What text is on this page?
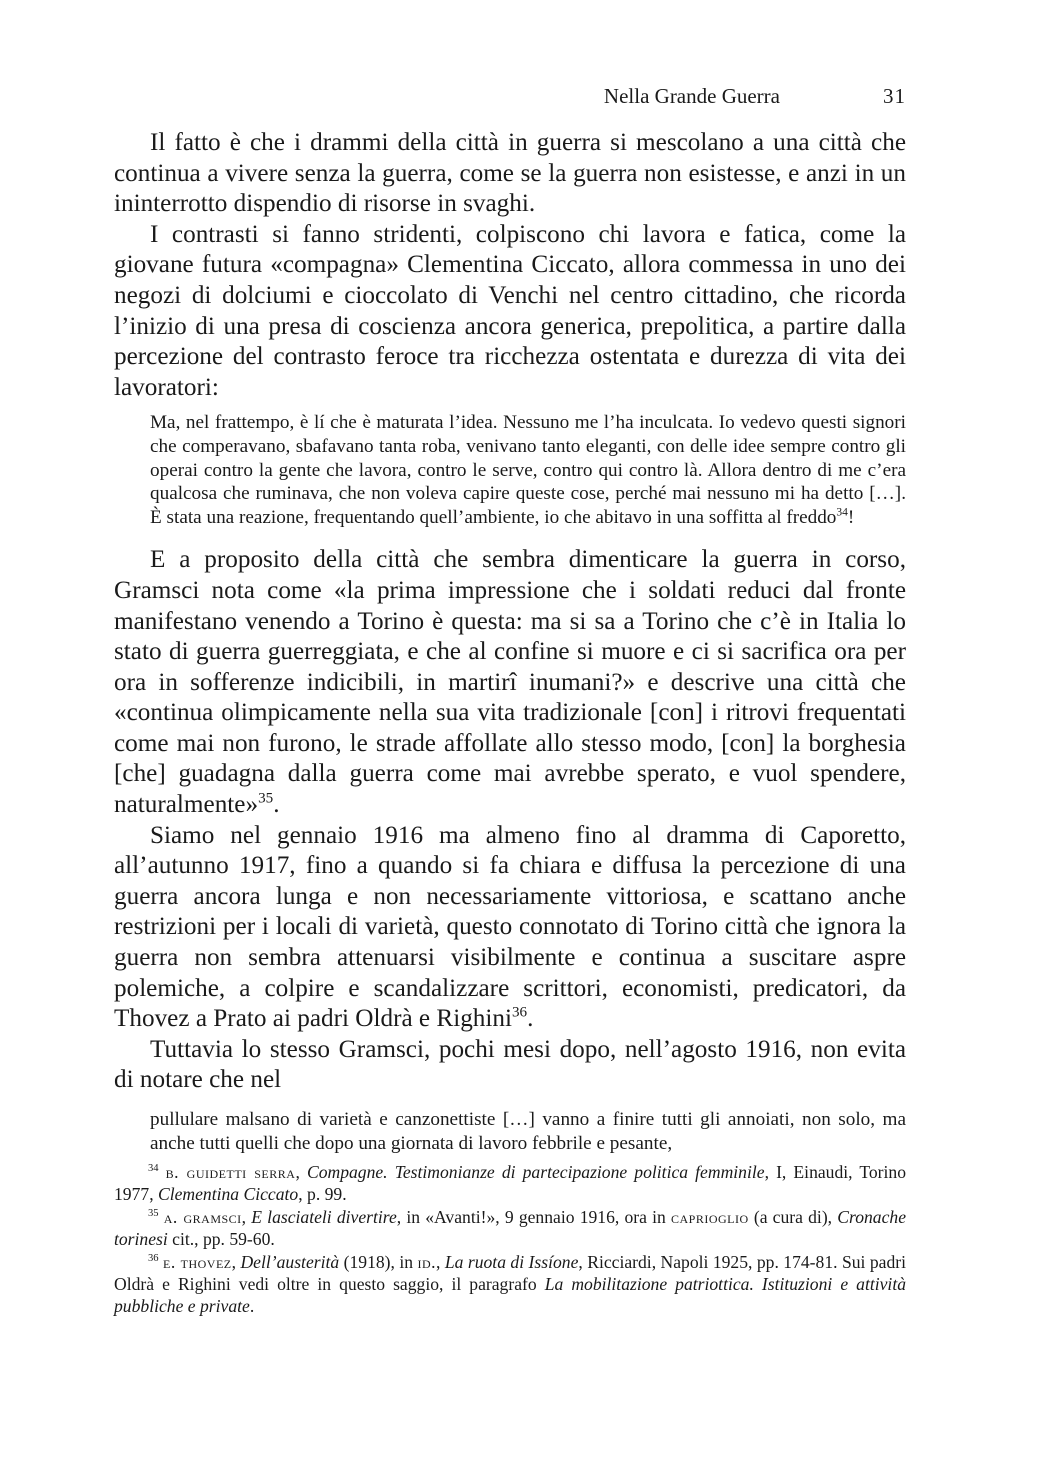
Nella Grande Guerra	31

Il fatto è che i drammi della città in guerra si mescolano a una città che continua a vivere senza la guerra, come se la guerra non esistesse, e anzi in un ininterrotto dispendio di risorse in svaghi.

I contrasti si fanno stridenti, colpiscono chi lavora e fatica, come la giovane futura «compagna» Clementina Ciccato, allora commessa in uno dei negozi di dolciumi e cioccolato di Venchi nel centro cittadino, che ricorda l’inizio di una presa di coscienza ancora generica, prepolitica, a partire dalla percezione del contrasto feroce tra ricchezza ostentata e durezza di vita dei lavoratori:

Ma, nel frattempo, è lí che è maturata l’idea. Nessuno me l’ha inculcata. Io vedevo questi signori che comperavano, sbafavano tanta roba, venivano tanto eleganti, con delle idee sempre contro gli operai contro la gente che lavora, contro le serve, contro qui contro là. Allora dentro di me c’era qualcosa che ruminava, che non voleva capire queste cose, perché mai nessuno mi ha detto […]. È stata una reazione, frequentando quell’ambiente, io che abitavo in una soffitta al freddo$^{34}$!

E a proposito della città che sembra dimenticare la guerra in corso, Gramsci nota come «la prima impressione che i soldati reduci dal fronte manifestano venendo a Torino è questa: ma si sa a Torino che c’è in Italia lo stato di guerra guerreggiata, e che al confine si muore e ci si sacrifica ora per ora in sofferenze indicibili, in martirî inumani?» e descrive una città che «continua olimpicamente nella sua vita tradizionale [con] i ritrovi frequentati come mai non furono, le strade affollate allo stesso modo, [con] la borghesia [che] guadagna dalla guerra come mai avrebbe sperato, e vuol spendere, naturalmente»$^{35}$.

Siamo nel gennaio 1916 ma almeno fino al dramma di Caporetto, all’autunno 1917, fino a quando si fa chiara e diffusa la percezione di una guerra ancora lunga e non necessariamente vittoriosa, e scattano anche restrizioni per i locali di varietà, questo connotato di Torino città che ignora la guerra non sembra attenuarsi visibilmente e continua a suscitare aspre polemiche, a colpire e scandalizzare scrittori, economisti, predicatori, da Thovez a Prato ai padri Oldrà e Righini$^{36}$.

Tuttavia lo stesso Gramsci, pochi mesi dopo, nell’agosto 1916, non evita di notare che nel

pullulare malsano di varietà e canzonettiste […] vanno a finire tutti gli annoiati, non solo, ma anche tutti quelli che dopo una giornata di lavoro febbrile e pesante,

$^{34}$ b. guidetti serra, Compagne. Testimonianze di partecipazione politica femminile, I, Einaudi, Torino 1977, Clementina Ciccato, p. 99.

$^{35}$ a. gramsci, E lasciateli divertire, in «Avanti!», 9 gennaio 1916, ora in caprioglio (a cura di), Cronache torinesi cit., pp. 59-60.

$^{36}$ e. thovez, Dell’austerità (1918), in id., La ruota di Issíone, Ricciardi, Napoli 1925, pp. 174-81. Sui padri Oldrà e Righini vedi oltre in questo saggio, il paragrafo La mobilitazione patriottica. Istituzioni e attività pubbliche e private.
